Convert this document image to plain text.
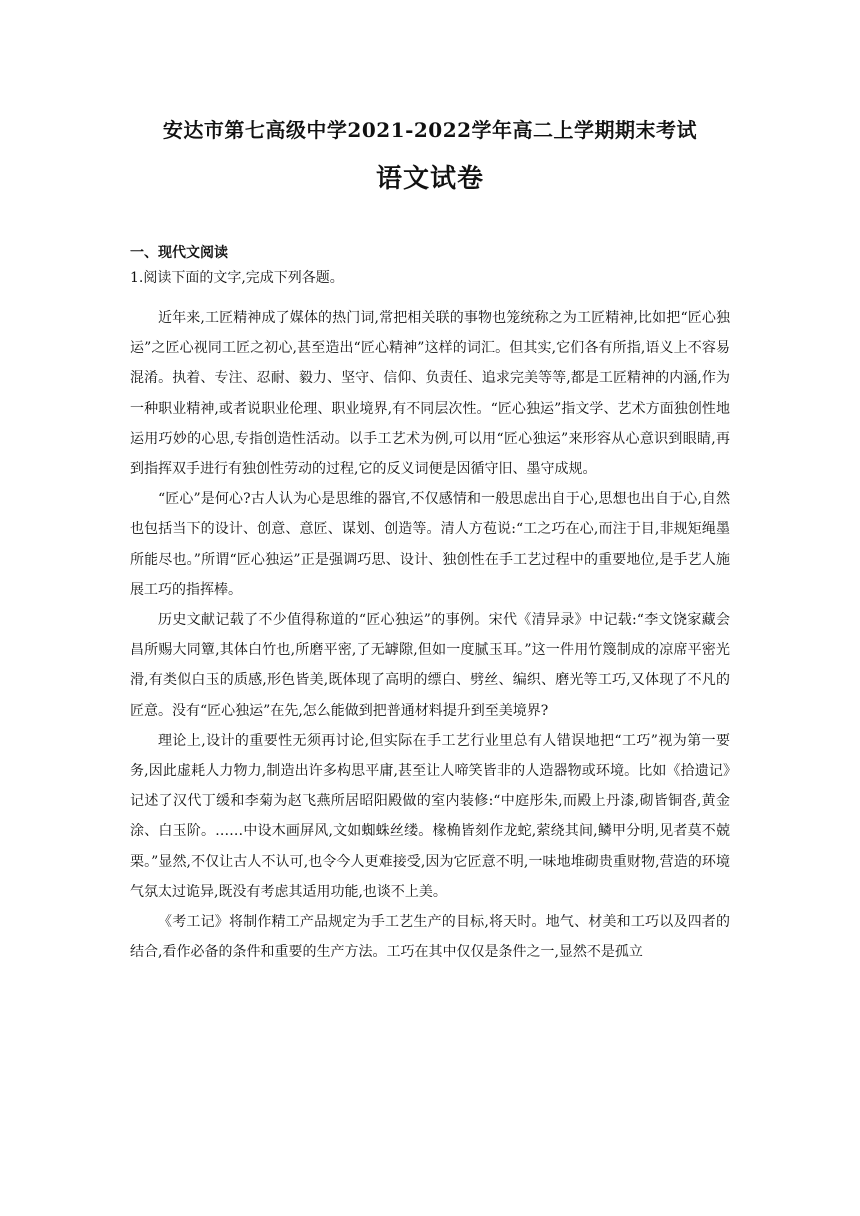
安达市第七高级中学2021-2022学年高二上学期期末考试
语文试卷
一、现代文阅读
1.阅读下面的文字,完成下列各题。

近年来,工匠精神成了媒体的热门词,常把相关联的事物也笼统称之为工匠精神,比如把“匠心独运”之匠心视同工匠之初心,甚至造出“匠心精神”这样的词汇。但其实,它们各有所指,语义上不容易混淆。执着、专注、忍耐、毅力、坚守、信仰、负责任、追求完美等等,都是工匠精神的内涵,作为一种职业精神,或者说职业伦理、职业境界,有不同层次性。“匠心独运”指文学、艺术方面独创性地运用巧妙的心思,专指创造性活动。以手工艺术为例,可以用“匠心独运”来形容从心意识到眼睛,再到指挥双手进行有独创性劳动的过程,它的反义词便是因循守旧、墨守成规。

“匠心”是何心?古人认为心是思维的器官,不仅感情和一般思虑出自于心,思想也出自于心,自然也包括当下的设计、创意、意匠、谋划、创造等。清人方苞说:“工之巧在心,而注于目,非规矩绳墨所能尽也。”所谓“匠心独运”正是强调巧思、设计、独创性在手工艺过程中的重要地位,是手艺人施展工巧的指挥棒。

历史文献记载了不少值得称道的“匠心独运”的事例。宋代《清异录》中记载:“李文饶家藏会昌所赐大同簟,其体白竹也,所磨平密,了无罅隙,但如一度腻玉耳。”这一件用竹篾制成的凉席平密光滑,有类似白玉的质感,形色皆美,既体现了高明的缥白、劈丝、编织、磨光等工巧,又体现了不凡的匠意。没有“匠心独运”在先,怎么能做到把普通材料提升到至美境界?

理论上,设计的重要性无须再讨论,但实际在手工艺行业里总有人错误地把“工巧”视为第一要务,因此虚耗人力物力,制造出许多构思平庸,甚至让人啼笑皆非的人造器物或环境。比如《拾遗记》记述了汉代丁缓和李菊为赵飞燕所居昭阳殿做的室内装修:“中庭彤朱,而殿上丹漆,砌皆铜沓,黄金涂、白玉阶。……中设木画屏风,文如蜘蛛丝缕。椽桷皆刻作龙蛇,萦绕其间,鳞甲分明,见者莫不兢栗。”显然,不仅让古人不认可,也令今人更难接受,因为它匠意不明,一味地堆砌贵重财物,营造的环境气氛太过诡异,既没有考虑其适用功能,也谈不上美。

《考工记》将制作精工产品规定为手工艺生产的目标,将天时。地气、材美和工巧以及四者的结合,看作必备的条件和重要的生产方法。工巧在其中仅仅是条件之一,显然不是孤立
